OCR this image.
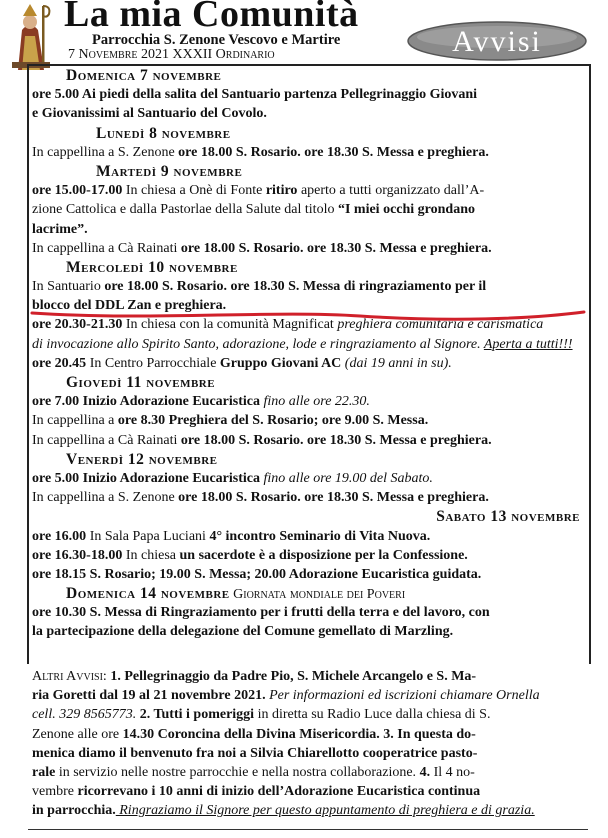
La mia Comunità
Parrocchia S. Zenone Vescovo e Martire
7 Novembre 2021 XXXII Ordinario	Avvisi
Domenica 7 novembre
ore 5.00 Ai piedi della salita del Santuario partenza Pellegrinaggio Giovani
e Giovanissimi al Santuario del Covolo.
Lunedì 8 novembre
In cappellina a S. Zenone ore 18.00 S. Rosario. ore 18.30 S. Messa e preghiera.
Martedì 9 novembre
ore 15.00-17.00 In chiesa a Onè di Fonte ritiro aperto a tutti organizzato dall’A-
zione Cattolica e dalla Pastorlae della Salute dal titolo “I miei occhi grondano
lacrime”.
In cappellina a Cà Rainati ore 18.00 S. Rosario. ore 18.30 S. Messa e preghiera.
Mercoledì 10 novembre
In Santuario ore 18.00 S. Rosario. ore 18.30 S. Messa di ringraziamento per il
blocco del DDL Zan e preghiera.
ore 20.30-21.30 In chiesa con la comunità Magnificat preghiera comunitaria e carismatica
di invocazione allo Spirito Santo, adorazione, lode e ringraziamento al Signore. Aperta a tutti!!!
ore 20.45 In Centro Parrocchiale Gruppo Giovani AC (dai 19 anni in su).
Giovedì 11 novembre
ore 7.00 Inizio Adorazione Eucaristica fino alle ore 22.30.
In cappellina a ore 8.30 Preghiera del S. Rosario; ore 9.00 S. Messa.
In cappellina a Cà Rainati ore 18.00 S. Rosario. ore 18.30 S. Messa e preghiera.
Venerdì 12 novembre
ore 5.00 Inizio Adorazione Eucaristica fino alle ore 19.00 del Sabato.
In cappellina a S. Zenone ore 18.00 S. Rosario. ore 18.30 S. Messa e preghiera.
Sabato 13 novembre
ore 16.00 In Sala Papa Luciani 4° incontro Seminario di Vita Nuova.
ore 16.30-18.00 In chiesa un sacerdote è a disposizione per la Confessione.
ore 18.15 S. Rosario; 19.00 S. Messa; 20.00 Adorazione Eucaristica guidata.
Domenica 14 novembre Giornata mondiale dei Poveri
ore 10.30 S. Messa di Ringraziamento per i frutti della terra e del lavoro, con
la partecipazione della delegazione del Comune gemellato di Marzling.
Altri Avvisi: 1. Pellegrinaggio da Padre Pio, S. Michele Arcangelo e S. Ma-
ria Goretti dal 19 al 21 novembre 2021. Per informazioni ed iscrizioni chiamare Ornella
cell. 329 8565773. 2. Tutti i pomeriggi in diretta su Radio Luce dalla chiesa di S.
Zenone alle ore 14.30 Coroncina della Divina Misericordia. 3. In questa do-
menica diamo il benvenuto fra noi a Silvia Chiarellotto cooperatrice pasto-
rale in servizio nelle nostre parrocchie e nella nostra collaborazione. 4. Il 4 no-
vembre ricorrevano i 10 anni di inizio dell’Adorazione Eucaristica continua
in parrocchia. Ringraziamo il Signore per questo appuntamento di preghiera e di grazia.
